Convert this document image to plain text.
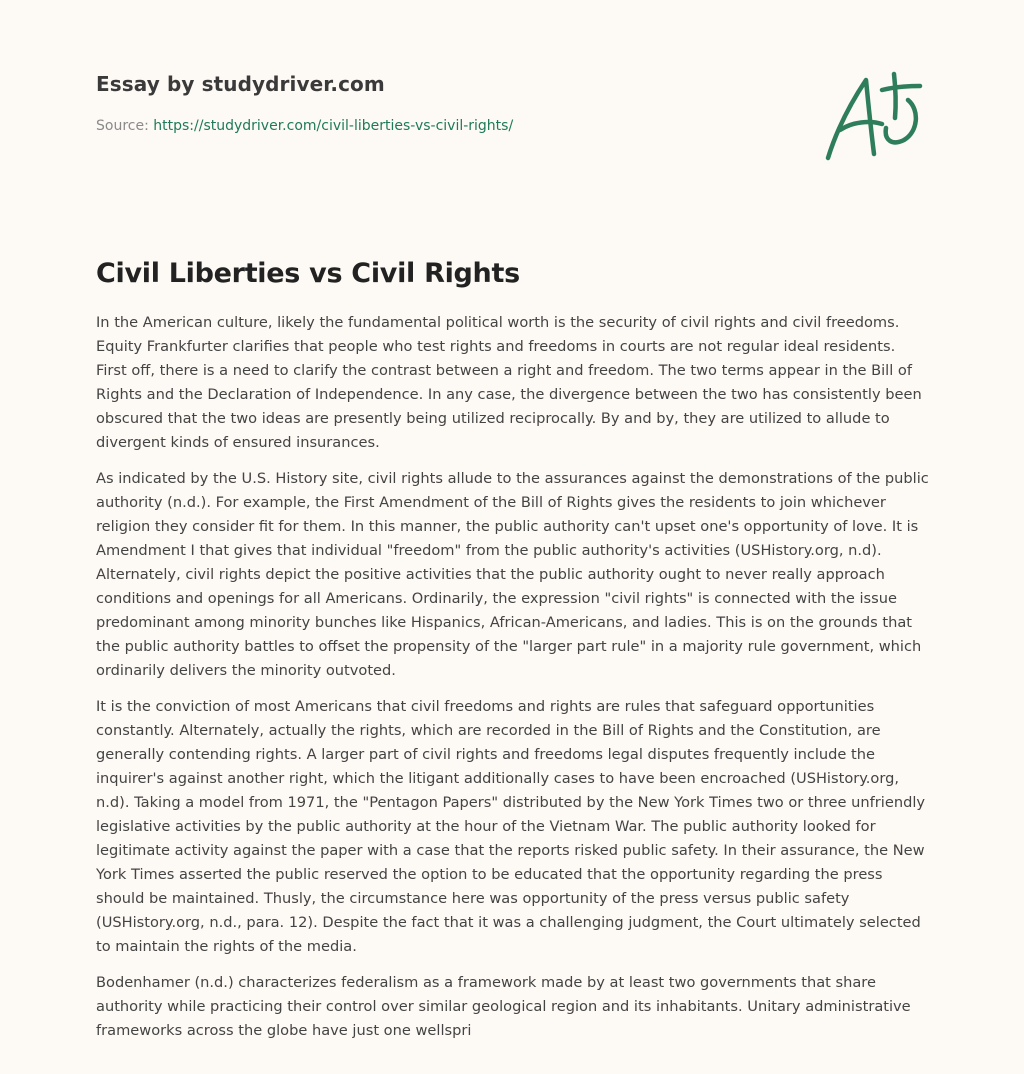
Essay by studydriver.com
Source: https://studydriver.com/civil-liberties-vs-civil-rights/
Civil Liberties vs Civil Rights

In the American culture, likely the fundamental political worth is the security of civil rights and civil freedoms. Equity Frankfurter clarifies that people who test rights and freedoms in courts are not regular ideal residents. First off, there is a need to clarify the contrast between a right and freedom. The two terms appear in the Bill of Rights and the Declaration of Independence. In any case, the divergence between the two has consistently been obscured that the two ideas are presently being utilized reciprocally. By and by, they are utilized to allude to divergent kinds of ensured insurances.

As indicated by the U.S. History site, civil rights allude to the assurances against the demonstrations of the public authority (n.d.). For example, the First Amendment of the Bill of Rights gives the residents to join whichever religion they consider fit for them. In this manner, the public authority can't upset one's opportunity of love. It is Amendment I that gives that individual "freedom" from the public authority's activities (USHistory.org, n.d). Alternately, civil rights depict the positive activities that the public authority ought to never really approach conditions and openings for all Americans. Ordinarily, the expression "civil rights" is connected with the issue predominant among minority bunches like Hispanics, African-Americans, and ladies. This is on the grounds that the public authority battles to offset the propensity of the "larger part rule" in a majority rule government, which ordinarily delivers the minority outvoted.

It is the conviction of most Americans that civil freedoms and rights are rules that safeguard opportunities constantly. Alternately, actually the rights, which are recorded in the Bill of Rights and the Constitution, are generally contending rights. A larger part of civil rights and freedoms legal disputes frequently include the inquirer's against another right, which the litigant additionally cases to have been encroached (USHistory.org, n.d). Taking a model from 1971, the "Pentagon Papers" distributed by the New York Times two or three unfriendly legislative activities by the public authority at the hour of the Vietnam War. The public authority looked for legitimate activity against the paper with a case that the reports risked public safety. In their assurance, the New York Times asserted the public reserved the option to be educated that the opportunity regarding the press should be maintained. Thusly, the circumstance here was opportunity of the press versus public safety (USHistory.org, n.d., para. 12). Despite the fact that it was a challenging judgment, the Court ultimately selected to maintain the rights of the media.

Bodenhamer (n.d.) characterizes federalism as a framework made by at least two governments that share authority while practicing their control over similar geological region and its inhabitants. Unitary administrative frameworks across the globe have just one wellspri
